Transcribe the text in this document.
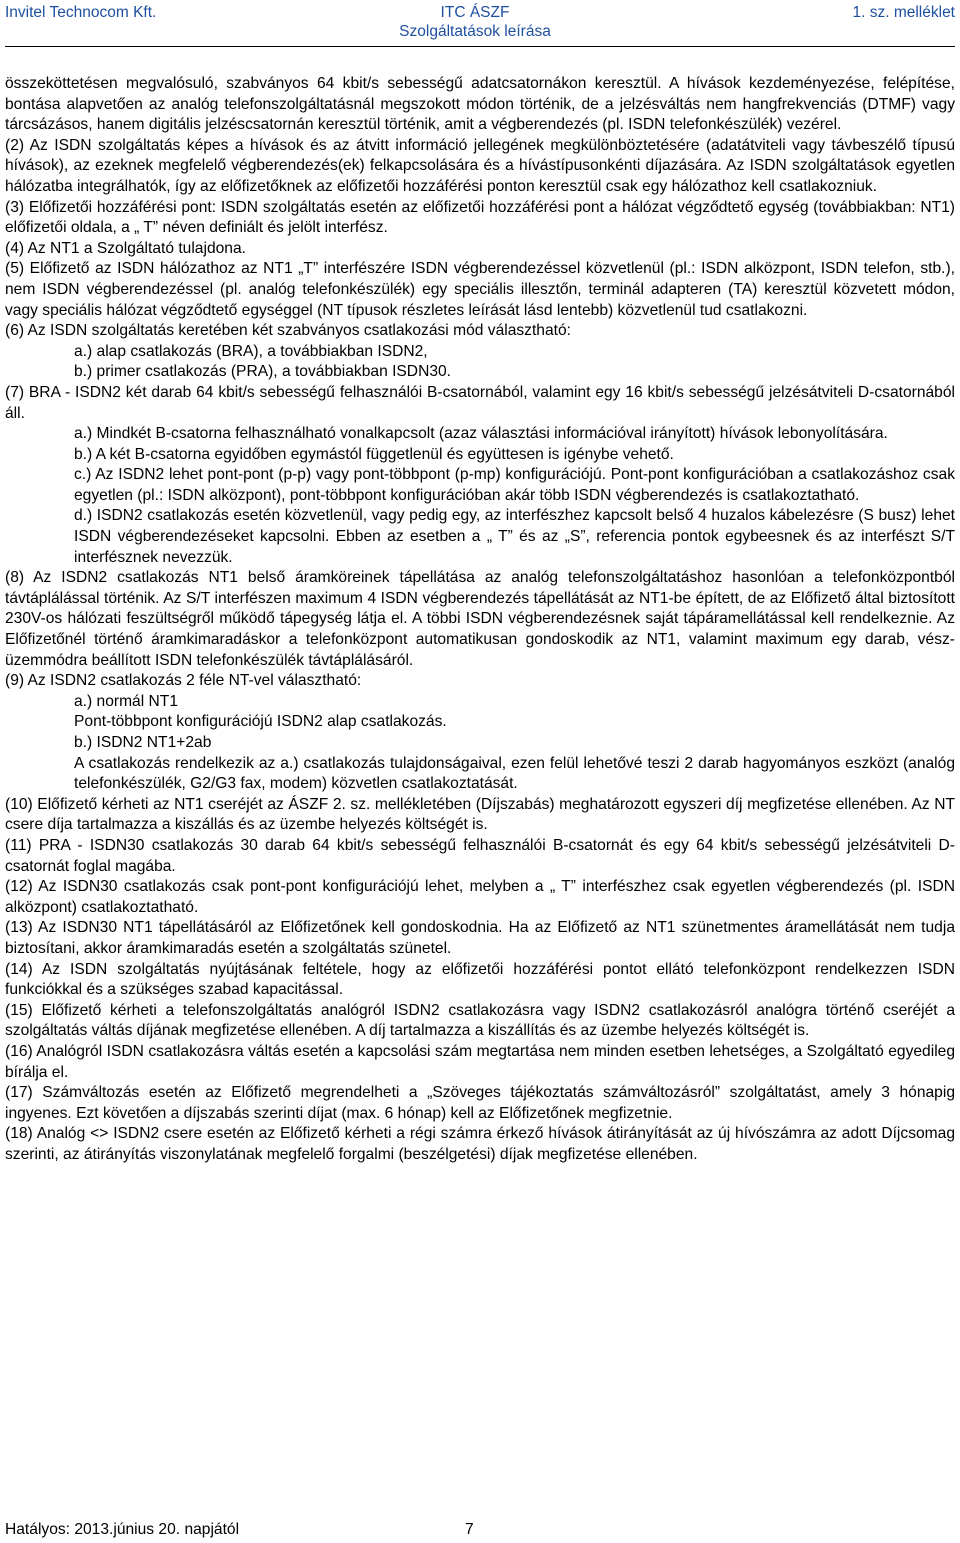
Invitel Technocom Kft.	ITC ÁSZF
Szolgáltatások leírása
1. sz. melléklet

összeköttetésen megvalósuló, szabványos 64 kbit/s sebességű adatcsatornákon keresztül. A hívások kezdeményezése, felépítése, bontása alapvetően az analóg telefonszolgáltatásnál megszokott módon történik, de a jelzésváltás nem hangfrekvenciás (DTMF) vagy tárcsázásos, hanem digitális jelzéscsatornán keresztül történik, amit a végberendezés (pl. ISDN telefonkészülék) vezérel.

(2) Az ISDN szolgáltatás képes a hívások és az átvitt információ jellegének megkülönböztetésére (adatátviteli vagy távbeszélő típusú hívások), az ezeknek megfelelő végberendezés(ek) felkapcsolására és a hívástípusonkénti díjazására. Az ISDN szolgáltatások egyetlen hálózatba integrálhatók, így az előfizetőknek az előfizetői hozzáférési ponton keresztül csak egy hálózathoz kell csatlakozniuk.

(3) Előfizetői hozzáférési pont: ISDN szolgáltatás esetén az előfizetői hozzáférési pont a hálózat végződtető egység (továbbiakban: NT1) előfizetői oldala, a „ T” néven definiált és jelölt interfész.

(4) Az NT1 a Szolgáltató tulajdona.

(5) Előfizető az ISDN hálózathoz az NT1 „T” interfészére ISDN végberendezéssel közvetlenül (pl.: ISDN alközpont, ISDN telefon, stb.), nem ISDN végberendezéssel (pl. analóg telefonkészülék) egy speciális illesztőn, terminál adapteren (TA) keresztül közvetett módon, vagy speciális hálózat végződtető egységgel (NT típusok részletes leírását lásd lentebb) közvetlenül tud csatlakozni.

(6) Az ISDN szolgáltatás keretében két szabványos csatlakozási mód választható:

a.) alap csatlakozás (BRA), a továbbiakban ISDN2,

b.) primer csatlakozás (PRA), a továbbiakban ISDN30.

(7) BRA - ISDN2 két darab 64 kbit/s sebességű felhasználói B-csatornából, valamint egy 16 kbit/s sebességű jelzésátviteli D-csatornából áll.

a.) Mindkét B-csatorna felhasználható vonalkapcsolt (azaz választási információval irányított) hívások lebonyolítására.

b.) A két B-csatorna egyidőben egymástól függetlenül és együttesen is igénybe vehető.

c.) Az ISDN2 lehet pont-pont (p-p) vagy pont-többpont (p-mp) konfigurációjú. Pont-pont konfigurációban a csatlakozáshoz csak egyetlen (pl.: ISDN alközpont), pont-többpont konfigurációban akár több ISDN végberendezés is csatlakoztatható.

d.) ISDN2 csatlakozás esetén közvetlenül, vagy pedig egy, az interfészhez kapcsolt belső 4 huzalos kábelezésre (S busz) lehet ISDN végberendezéseket kapcsolni. Ebben az esetben a „ T” és az „S”, referencia pontok egybeesnek és az interfészt S/T interfésznek nevezzük.

(8) Az ISDN2 csatlakozás NT1 belső áramköreinek tápellátása az analóg telefonszolgáltatáshoz hasonlóan a telefonközpontból távtáplálással történik. Az S/T interfészen maximum 4 ISDN végberendezés tápellátását az NT1-be épített, de az Előfizető által biztosított 230V-os hálózati feszültségről működő tápegység látja el. A többi ISDN végberendezésnek saját tápáramellátással kell rendelkeznie. Az Előfizetőnél történő áramkimaradáskor a telefonközpont automatikusan gondoskodik az NT1, valamint maximum egy darab, vész-üzemmódra beállított ISDN telefonkészülék távtáplálásáról.

(9) Az ISDN2 csatlakozás 2 féle NT-vel választható:

a.) normál NT1

Pont-többpont konfigurációjú ISDN2 alap csatlakozás.

b.) ISDN2 NT1+2ab

A csatlakozás rendelkezik az a.) csatlakozás tulajdonságaival, ezen felül lehetővé teszi 2 darab hagyományos eszközt (analóg telefonkészülék, G2/G3 fax, modem) közvetlen csatlakoztatását.

(10) Előfizető kérheti az NT1 cseréjét az ÁSZF 2. sz. mellékletében (Díjszabás) meghatározott egyszeri díj megfizetése ellenében. Az NT csere díja tartalmazza a kiszállás és az üzembe helyezés költségét is.

(11) PRA - ISDN30 csatlakozás 30 darab 64 kbit/s sebességű felhasználói B-csatornát és egy 64 kbit/s sebességű jelzésátviteli D-csatornát foglal magába.

(12) Az ISDN30 csatlakozás csak pont-pont konfigurációjú lehet, melyben a „ T” interfészhez csak egyetlen végberendezés (pl. ISDN alközpont) csatlakoztatható.

(13) Az ISDN30 NT1 tápellátásáról az Előfizetőnek kell gondoskodnia. Ha az Előfizető az NT1 szünetmentes áramellátását nem tudja biztosítani, akkor áramkimaradás esetén a szolgáltatás szünetel.

(14) Az ISDN szolgáltatás nyújtásának feltétele, hogy az előfizetői hozzáférési pontot ellátó telefonközpont rendelkezzen ISDN funkciókkal és a szükséges szabad kapacitással.

(15) Előfizető kérheti a telefonszolgáltatás analógról ISDN2 csatlakozásra vagy ISDN2 csatlakozásról analógra történő cseréjét a szolgáltatás váltás díjának megfizetése ellenében. A díj tartalmazza a kiszállítás és az üzembe helyezés költségét is.

(16) Analógról ISDN csatlakozásra váltás esetén a kapcsolási szám megtartása nem minden esetben lehetséges, a Szolgáltató egyedileg bírálja el.

(17) Számváltozás esetén az Előfizető megrendelheti a „Szöveges tájékoztatás számváltozásról” szolgáltatást, amely 3 hónapig ingyenes. Ezt követően a díjszabás szerinti díjat (max. 6 hónap) kell az Előfizetőnek megfizetnie.

(18) Analóg <> ISDN2 csere esetén az Előfizető kérheti a régi számra érkező hívások átirányítását az új hívószámra az adott Díjcsomag szerinti, az átirányítás viszonylatának megfelelő forgalmi (beszélgetési) díjak megfizetése ellenében.

Hatályos: 2013.június 20. napjától	7
